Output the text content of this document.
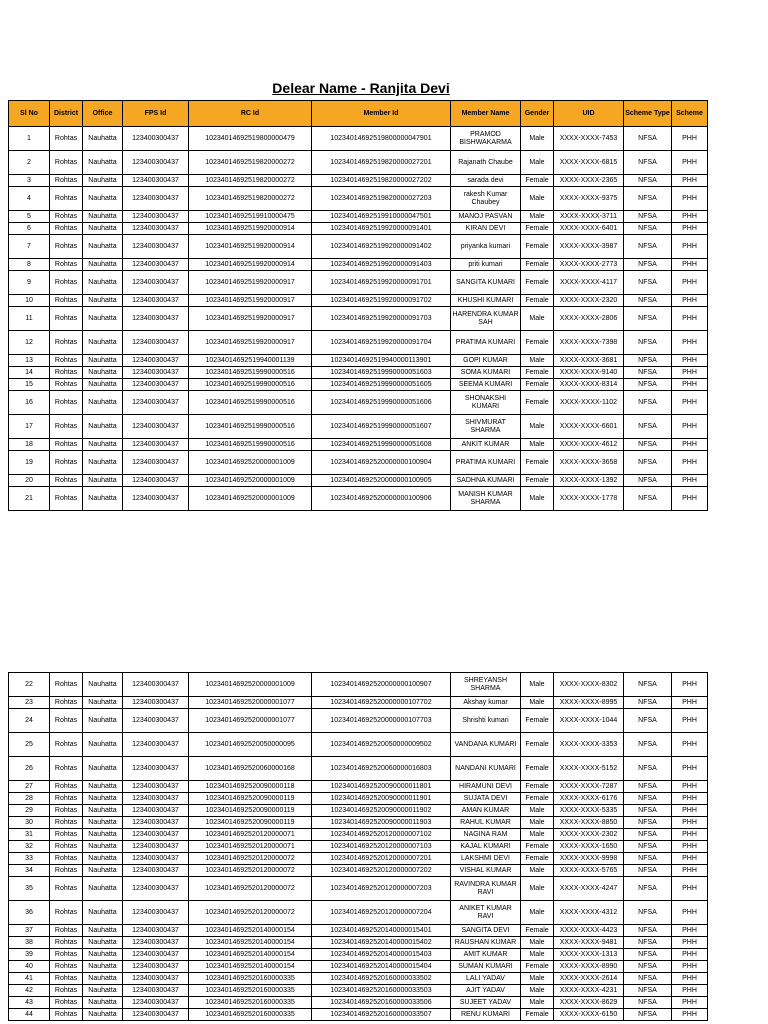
Delear Name - Ranjita Devi
Sl No	District	Office	FPS Id	RC Id	Member Id	Member Name	Gender	UID	Scheme Type	Scheme
1	Rohtas	Nauhatta	123400300437	10234014692519800000479	10234014692519800000047901	PRAMOD BISHWAKARMA	Male	XXXX-XXXX-7453	NFSA	PHH
2	Rohtas	Nauhatta	123400300437	10234014692519820000272	10234014692519820000027201	Rajanath Chaube	Male	XXXX-XXXX-6815	NFSA	PHH
3	Rohtas	Nauhatta	123400300437	10234014692519820000272	10234014692519820000027202	sarada devi	Female	XXXX-XXXX-2365	NFSA	PHH
4	Rohtas	Nauhatta	123400300437	10234014692519820000272	10234014692519820000027203	rakesh Kumar Chaubey	Male	XXXX-XXXX-9375	NFSA	PHH
5	Rohtas	Nauhatta	123400300437	10234014692519910000475	10234014692519910000047501	MANOJ PASVAN	Male	XXXX-XXXX-3711	NFSA	PHH
6	Rohtas	Nauhatta	123400300437	10234014692519920000914	10234014692519920000091401	KIRAN DEVI	Female	XXXX-XXXX-6401	NFSA	PHH
7	Rohtas	Nauhatta	123400300437	10234014692519920000914	10234014692519920000091402	priyanka kumari	Female	XXXX-XXXX-3987	NFSA	PHH
8	Rohtas	Nauhatta	123400300437	10234014692519920000914	10234014692519920000091403	priti kumari	Female	XXXX-XXXX-2773	NFSA	PHH
9	Rohtas	Nauhatta	123400300437	10234014692519920000917	10234014692519920000091701	SANGITA KUMARI	Female	XXXX-XXXX-4117	NFSA	PHH
10	Rohtas	Nauhatta	123400300437	10234014692519920000917	10234014692519920000091702	KHUSHI KUMARI	Female	XXXX-XXXX-2320	NFSA	PHH
11	Rohtas	Nauhatta	123400300437	10234014692519920000917	10234014692519920000091703	HARENDRA KUMAR SAH	Male	XXXX-XXXX-2806	NFSA	PHH
12	Rohtas	Nauhatta	123400300437	10234014692519920000917	10234014692519920000091704	PRATIMA KUMARI	Female	XXXX-XXXX-7398	NFSA	PHH
13	Rohtas	Nauhatta	123400300437	10234014692519940001139	10234014692519940000113901	GOPI KUMAR	Male	XXXX-XXXX-3681	NFSA	PHH
14	Rohtas	Nauhatta	123400300437	10234014692519990000516	10234014692519990000051603	SOMA KUMARI	Female	XXXX-XXXX-9140	NFSA	PHH
15	Rohtas	Nauhatta	123400300437	10234014692519990000516	10234014692519990000051605	SEEMA KUMARI	Female	XXXX-XXXX-8314	NFSA	PHH
16	Rohtas	Nauhatta	123400300437	10234014692519990000516	10234014692519990000051606	SHONAKSHI KUMARI	Female	XXXX-XXXX-1102	NFSA	PHH
17	Rohtas	Nauhatta	123400300437	10234014692519990000516	10234014692519990000051607	SHIVMURAT SHARMA	Male	XXXX-XXXX-6601	NFSA	PHH
18	Rohtas	Nauhatta	123400300437	10234014692519990000516	10234014692519990000051608	ANKIT KUMAR	Male	XXXX-XXXX-4612	NFSA	PHH
19	Rohtas	Nauhatta	123400300437	10234014692520000001009	10234014692520000000100904	PRATIMA KUMARI	Female	XXXX-XXXX-3658	NFSA	PHH
20	Rohtas	Nauhatta	123400300437	10234014692520000001009	10234014692520000000100905	SADHNA KUMARI	Female	XXXX-XXXX-1392	NFSA	PHH
21	Rohtas	Nauhatta	123400300437	10234014692520000001009	10234014692520000000100906	MANISH KUMAR SHARMA	Male	XXXX-XXXX-1778	NFSA	PHH
22	Rohtas	Nauhatta	123400300437	10234014692520000001009	10234014692520000000100907	SHREYANSH SHARMA	Male	XXXX-XXXX-8302	NFSA	PHH
23	Rohtas	Nauhatta	123400300437	10234014692520000001077	10234014692520000000107702	Akshay kumar	Male	XXXX-XXXX-8995	NFSA	PHH
24	Rohtas	Nauhatta	123400300437	10234014692520000001077	10234014692520000000107703	Shrishti kumari	Female	XXXX-XXXX-1044	NFSA	PHH
25	Rohtas	Nauhatta	123400300437	10234014692520050000095	10234014692520050000009502	VANDANA KUMARI	Female	XXXX-XXXX-3353	NFSA	PHH
26	Rohtas	Nauhatta	123400300437	10234014692520060000168	10234014692520060000016803	NANDANI KUMARI	Female	XXXX-XXXX-5152	NFSA	PHH
27	Rohtas	Nauhatta	123400300437	10234014692520090000118	10234014692520090000011801	HIRAMUNI DEVI	Female	XXXX-XXXX-7287	NFSA	PHH
28	Rohtas	Nauhatta	123400300437	10234014692520090000119	10234014692520090000011901	SUJATA DEVI	Female	XXXX-XXXX-6176	NFSA	PHH
29	Rohtas	Nauhatta	123400300437	10234014692520090000119	10234014692520090000011902	AMAN KUMAR	Male	XXXX-XXXX-5335	NFSA	PHH
30	Rohtas	Nauhatta	123400300437	10234014692520090000119	10234014692520090000011903	RAHUL KUMAR	Male	XXXX-XXXX-8850	NFSA	PHH
31	Rohtas	Nauhatta	123400300437	10234014692520120000071	10234014692520120000007102	NAGINA RAM	Male	XXXX-XXXX-2302	NFSA	PHH
32	Rohtas	Nauhatta	123400300437	10234014692520120000071	10234014692520120000007103	KAJAL KUMARI	Female	XXXX-XXXX-1650	NFSA	PHH
33	Rohtas	Nauhatta	123400300437	10234014692520120000072	10234014692520120000007201	LAKSHMI DEVI	Female	XXXX-XXXX-9998	NFSA	PHH
34	Rohtas	Nauhatta	123400300437	10234014692520120000072	10234014692520120000007202	VISHAL KUMAR	Male	XXXX-XXXX-5765	NFSA	PHH
35	Rohtas	Nauhatta	123400300437	10234014692520120000072	10234014692520120000007203	RAVINDRA KUMAR RAVI	Male	XXXX-XXXX-4247	NFSA	PHH
36	Rohtas	Nauhatta	123400300437	10234014692520120000072	10234014692520120000007204	ANIKET KUMAR RAVI	Male	XXXX-XXXX-4312	NFSA	PHH
37	Rohtas	Nauhatta	123400300437	10234014692520140000154	10234014692520140000015401	SANGITA DEVI	Female	XXXX-XXXX-4423	NFSA	PHH
38	Rohtas	Nauhatta	123400300437	10234014692520140000154	10234014692520140000015402	RAUSHAN KUMAR	Male	XXXX-XXXX-9481	NFSA	PHH
39	Rohtas	Nauhatta	123400300437	10234014692520140000154	10234014692520140000015403	AMIT KUMAR	Male	XXXX-XXXX-1313	NFSA	PHH
40	Rohtas	Nauhatta	123400300437	10234014692520140000154	10234014692520140000015404	SUMAN KUMARI	Female	XXXX-XXXX-8990	NFSA	PHH
41	Rohtas	Nauhatta	123400300437	10234014692520160000335	10234014692520160000033502	LALI YADAV	Male	XXXX-XXXX-2614	NFSA	PHH
42	Rohtas	Nauhatta	123400300437	10234014692520160000335	10234014692520160000033503	AJIT YADAV	Male	XXXX-XXXX-4231	NFSA	PHH
43	Rohtas	Nauhatta	123400300437	10234014692520160000335	10234014692520160000033506	SUJEET YADAV	Male	XXXX-XXXX-8629	NFSA	PHH
44	Rohtas	Nauhatta	123400300437	10234014692520160000335	10234014692520160000033507	RENU KUMARI	Female	XXXX-XXXX-6150	NFSA	PHH
